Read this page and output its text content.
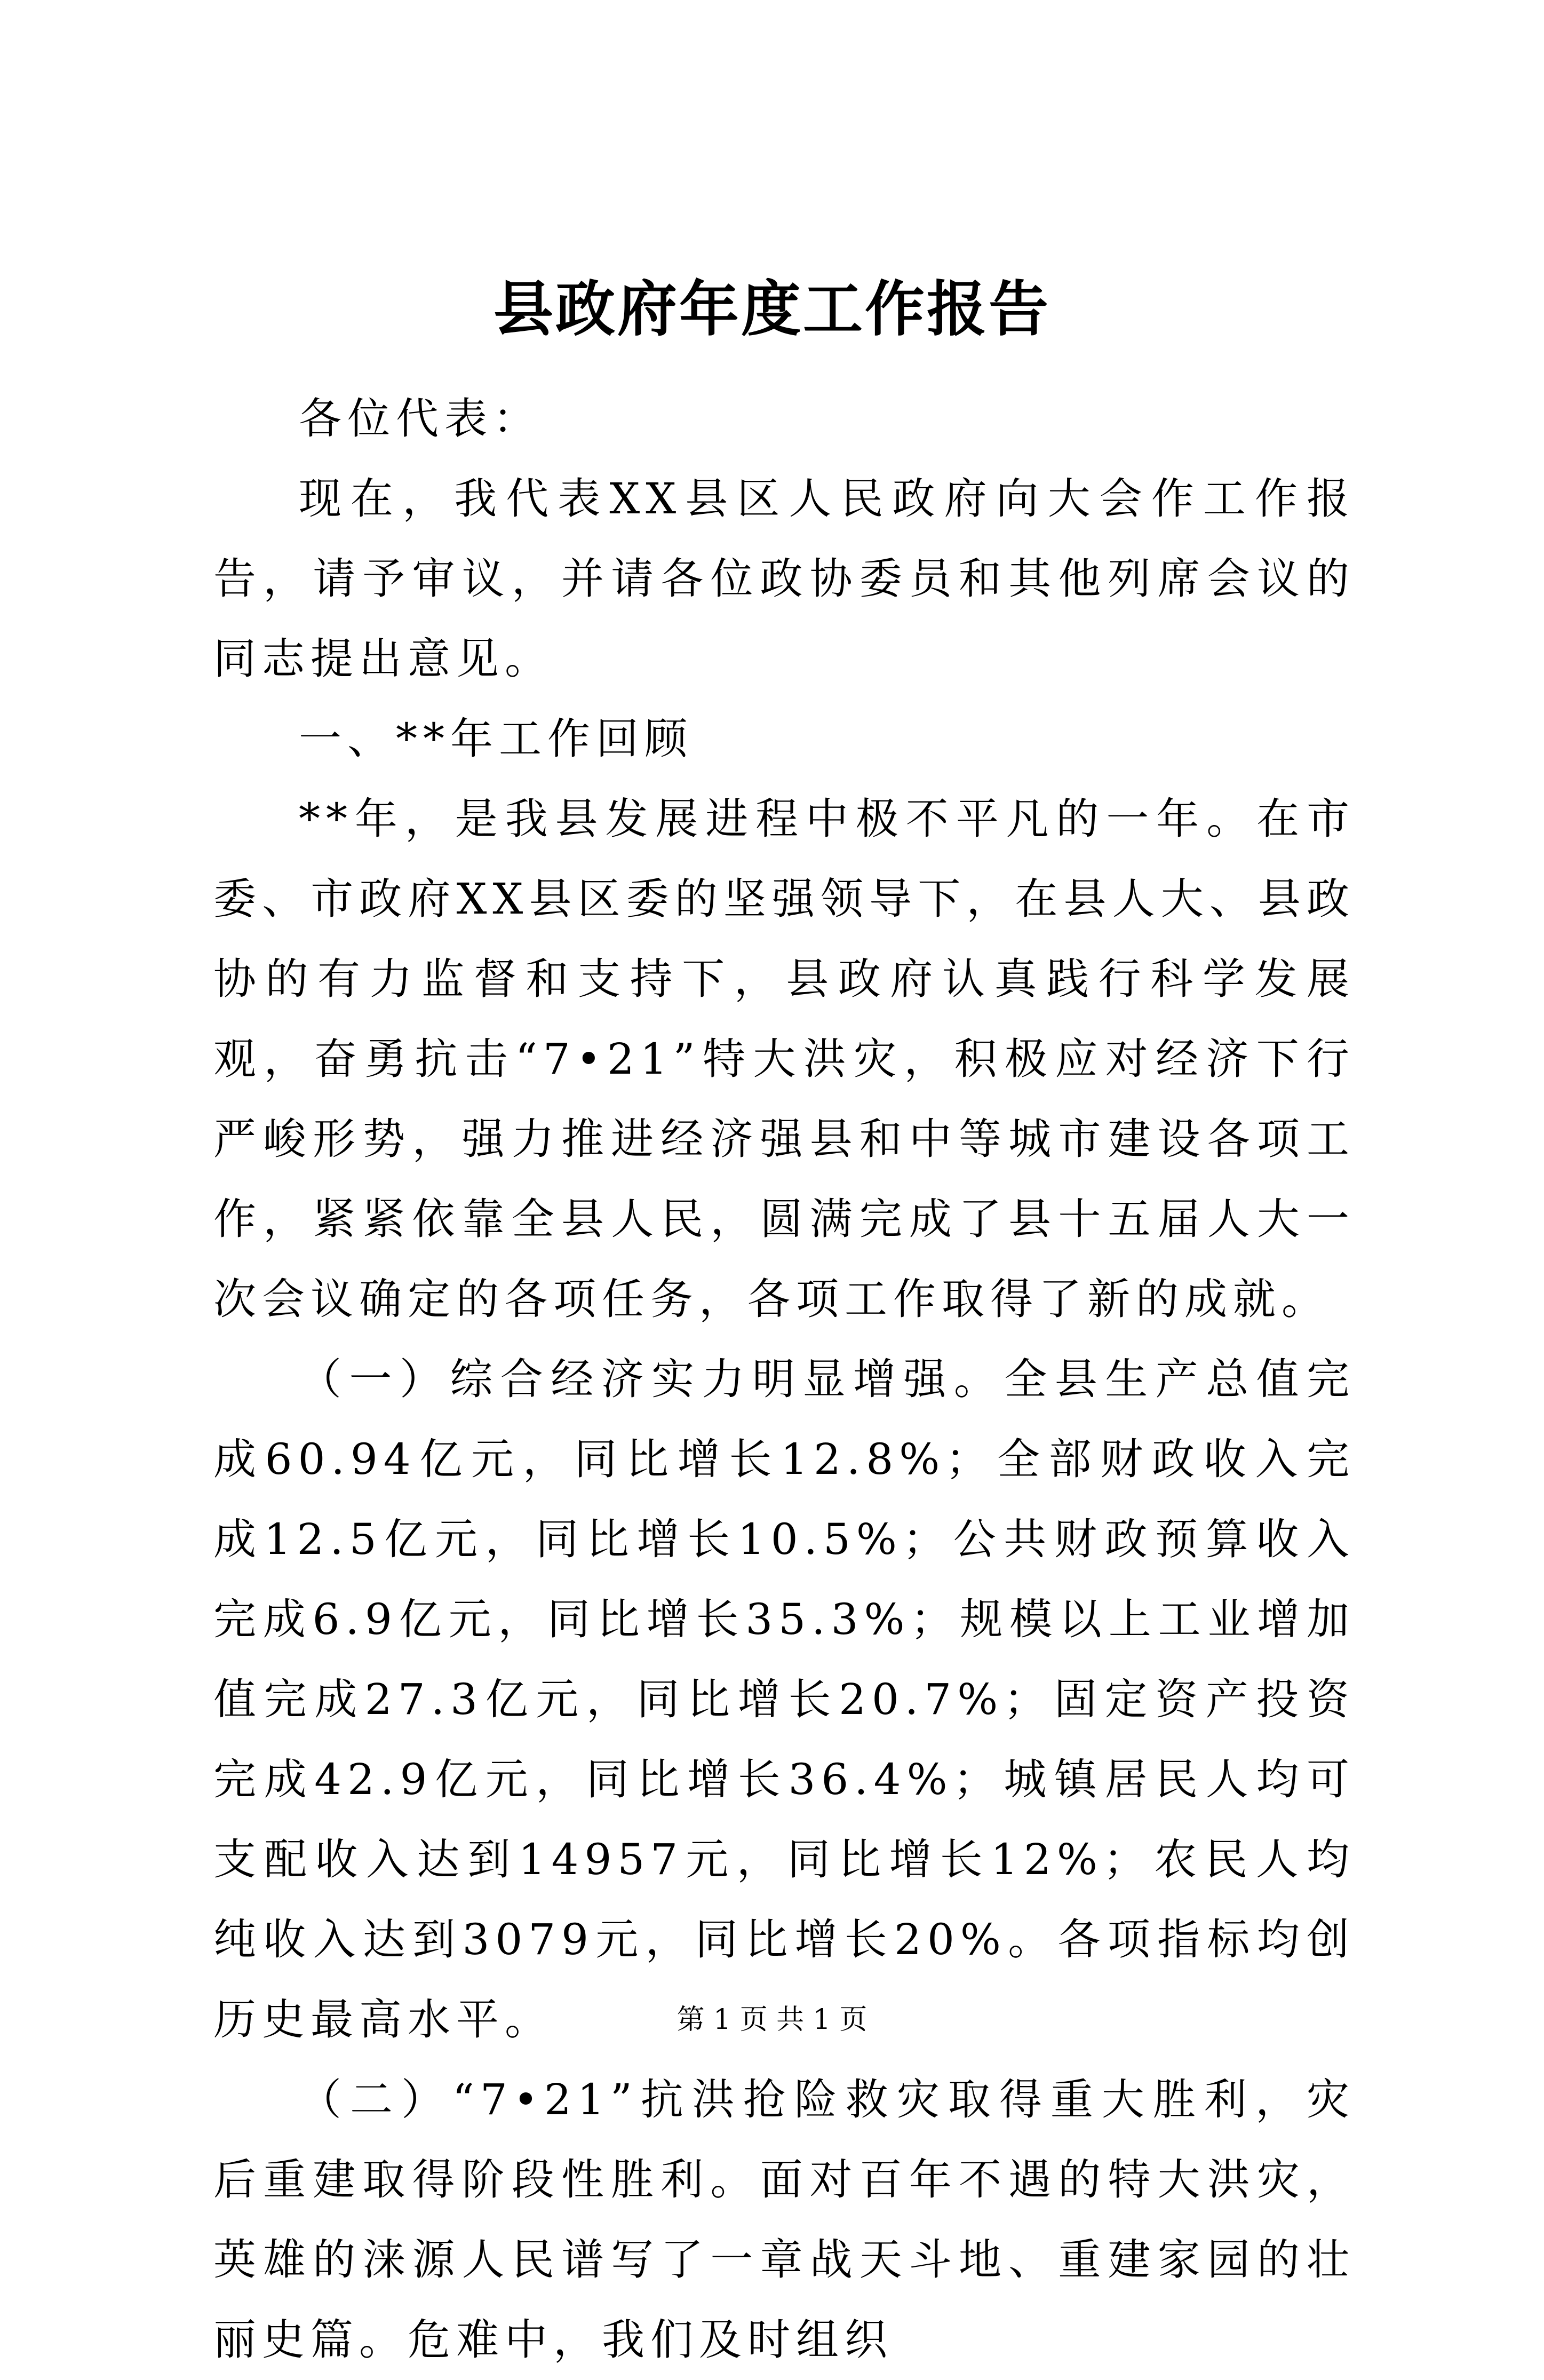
县政府年度工作报告

各位代表：

现在，我代表XX县区人民政府向大会作工作报告，请予审议，并请各位政协委员和其他列席会议的同志提出意见。

一、**年工作回顾

**年，是我县发展进程中极不平凡的一年。在市委、市政府XX县区委的坚强领导下，在县人大、县政协的有力监督和支持下，县政府认真践行科学发展观，奋勇抗击“7•21”特大洪灾，积极应对经济下行严峻形势，强力推进经济强县和中等城市建设各项工作，紧紧依靠全县人民，圆满完成了县十五届人大一次会议确定的各项任务，各项工作取得了新的成就。

（一）综合经济实力明显增强。全县生产总值完成60.94亿元，同比增长12.8%；全部财政收入完成12.5亿元，同比增长10.5%；公共财政预算收入完成6.9亿元，同比增长35.3%；规模以上工业增加值完成27.3亿元，同比增长20.7%；固定资产投资完成42.9亿元，同比增长36.4%；城镇居民人均可支配收入达到14957元，同比增长12%；农民人均纯收入达到3079元，同比增长20%。各项指标均创历史最高水平。

（二）“7•21”抗洪抢险救灾取得重大胜利，灾后重建取得阶段性胜利。面对百年不遇的特大洪灾，英雄的涞源人民谱写了一章战天斗地、重建家园的壮丽史篇。危难中，我们及时组织

第 1 页 共 1 页
